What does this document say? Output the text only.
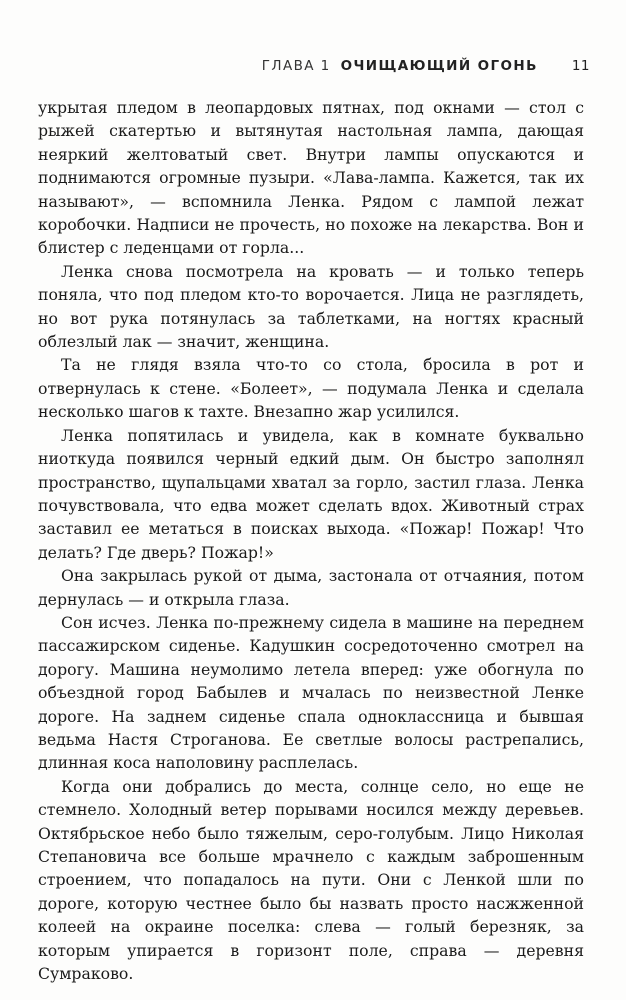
ГЛАВА 1 ОЧИЩАЮЩИЙ ОГОНЬ	11

укрытая пледом в леопардовых пятнах, под окнами — стол с рыжей скатертью и вытянутая настольная лампа, дающая неяркий желтоватый свет. Внутри лампы опускаются и поднимаются огромные пузыри. «Лава-лампа. Кажется, так их называют», — вспомнила Ленка. Рядом с лампой лежат коробочки. Надписи не прочесть, но похоже на лекарства. Вон и блистер с леденцами от горла...

Ленка снова посмотрела на кровать — и только теперь поняла, что под пледом кто-то ворочается. Лица не разглядеть, но вот рука потянулась за таблетками, на ногтях красный облезлый лак — значит, женщина.

Та не глядя взяла что-то со стола, бросила в рот и отвернулась к стене. «Болеет», — подумала Ленка и сделала несколько шагов к тахте. Внезапно жар усилился.

Ленка попятилась и увидела, как в комнате буквально ниоткуда появился черный едкий дым. Он быстро заполнял пространство, щупальцами хватал за горло, застил глаза. Ленка почувствовала, что едва может сделать вдох. Животный страх заставил ее метаться в поисках выхода. «Пожар! Пожар! Что делать? Где дверь? Пожар!»

Она закрылась рукой от дыма, застонала от отчаяния, потом дернулась — и открыла глаза.

Сон исчез. Ленка по-прежнему сидела в машине на переднем пассажирском сиденье. Кадушкин сосредоточенно смотрел на дорогу. Машина неумолимо летела вперед: уже обогнула по объездной город Бабылев и мчалась по неизвестной Ленке дороге. На заднем сиденье спала одноклассница и бывшая ведьма Настя Строганова. Ее светлые волосы растрепались, длинная коса наполовину расплелась.

Когда они добрались до места, солнце село, но еще не стемнело. Холодный ветер порывами носился между деревьев. Октябрьское небо было тяжелым, серо-голубым. Лицо Николая Степановича все больше мрачнело с каждым заброшенным строением, что попадалось на пути. Они с Ленкой шли по дороге, которую честнее было бы назвать просто насжженной колеей на окраине поселка: слева — голый березняк, за которым упирается в горизонт поле, справа — деревня Сумраково.
